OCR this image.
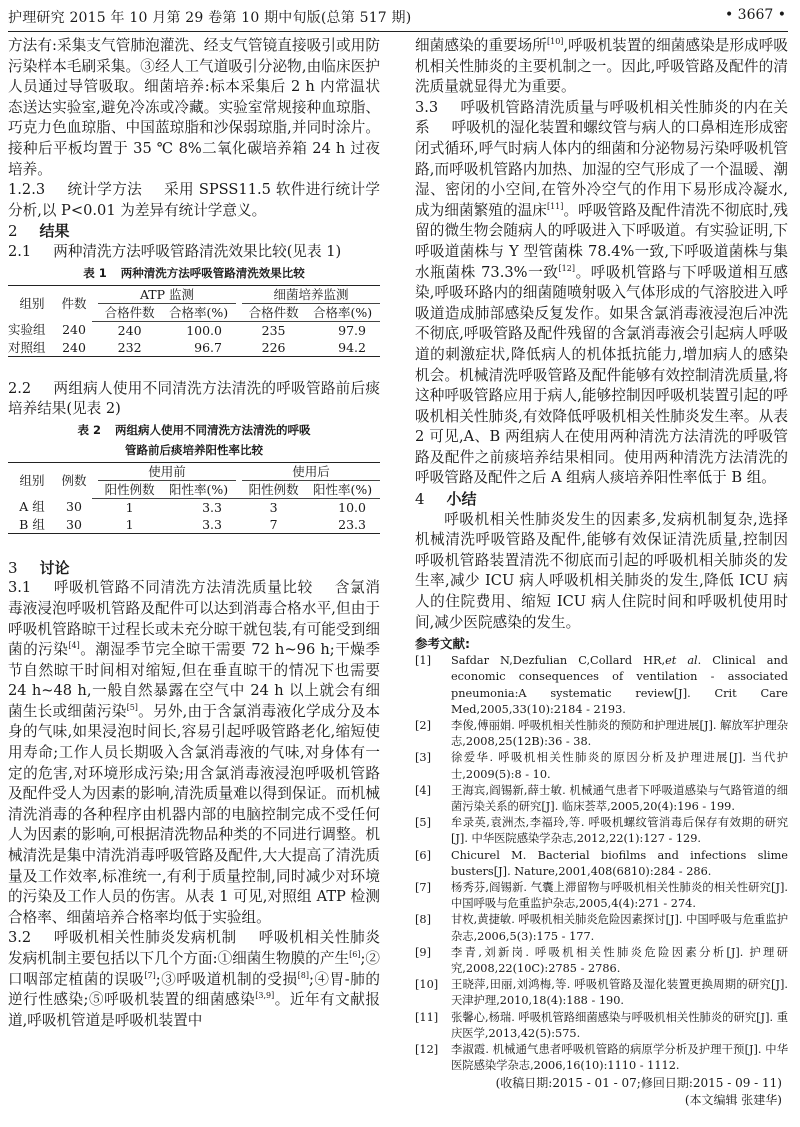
护理研究 2015 年 10 月第 29 卷第 10 期中旬版(总第 517 期)	• 3667 •

方法有:采集支气管肺泡灌洗、经支气管镜直接吸引或用防污染样本毛刷采集。③经人工气道吸引分泌物,由临床医护人员通过导管吸取。细菌培养:标本采集后 2 h 内常温状态送达实验室,避免冷冻或冷藏。实验室常规接种血琼脂、巧克力色血琼脂、中国蓝琼脂和沙保弱琼脂,并同时涂片。接种后平板均置于 35 ℃ 8%二氧化碳培养箱 24 h 过夜培养。

1.2.3 统计学方法 采用 SPSS11.5 软件进行统计学分析,以 P<0.01 为差异有统计学意义。

2 结果

2.1 两种清洗方法呼吸管路清洗效果比较(见表 1)

表 1 两种清洗方法呼吸管路清洗效果比较
组别	件数		ATP 监测			细菌培养监测	
			合格件数	合格率(%)		合格件数	合格率(%)
实验组	240		240	100.0		235	97.9
对照组	240		232	96.7		226	94.2

2.2 两组病人使用不同清洗方法清洗的呼吸管路前后痰培养结果(见表 2)

表 2 两组病人使用不同清洗方法清洗的呼吸
管路前后痰培养阳性率比较
组别	例数		使用前			使用后	
			阳性例数	阳性率(%)		阳性例数	阳性率(%)
A 组	30		1	3.3		3	10.0
B 组	30		1	3.3		7	23.3
3 讨论

3.1 呼吸机管路不同清洗方法清洗质量比较 含氯消毒液浸泡呼吸机管路及配件可以达到消毒合格水平,但由于呼吸机管路晾干过程长或未充分晾干就包装,有可能受到细菌的污染[4]。潮湿季节完全晾干需要 72 h~96 h;干燥季节自然晾干时间相对缩短,但在垂直晾干的情况下也需要 24 h~48 h,一般自然暴露在空气中 24 h 以上就会有细菌生长或细菌污染[5]。另外,由于含氯消毒液化学成分及本身的气味,如果浸泡时间长,容易引起呼吸管路老化,缩短使用寿命;工作人员长期吸入含氯消毒液的气味,对身体有一定的危害,对环境形成污染;用含氯消毒液浸泡呼吸机管路及配件受人为因素的影响,清洗质量难以得到保证。而机械清洗消毒的各种程序由机器内部的电脑控制完成不受任何人为因素的影响,可根据清洗物品种类的不同进行调整。机械清洗是集中清洗消毒呼吸管路及配件,大大提高了清洗质量及工作效率,标准统一,有利于质量控制,同时减少对环境的污染及工作人员的伤害。从表 1 可见,对照组 ATP 检测合格率、细菌培养合格率均低于实验组。

3.2 呼吸机相关性肺炎发病机制 呼吸机相关性肺炎发病机制主要包括以下几个方面:①细菌生物膜的产生[6];②口咽部定植菌的误吸[7];③呼吸道机制的受损[8];④胃-肺的逆行性感染;⑤呼吸机装置的细菌感染[3,9]。近年有文献报道,呼吸机管道是呼吸机装置中

细菌感染的重要场所[10],呼吸机装置的细菌感染是形成呼吸机相关性肺炎的主要机制之一。因此,呼吸管路及配件的清洗质量就显得尤为重要。

3.3 呼吸机管路清洗质量与呼吸机相关性肺炎的内在关系 呼吸机的湿化装置和螺纹管与病人的口鼻相连形成密闭式循环,呼气时病人体内的细菌和分泌物易污染呼吸机管路,而呼吸机管路内加热、加湿的空气形成了一个温暖、潮湿、密闭的小空间,在管外冷空气的作用下易形成冷凝水,成为细菌繁殖的温床[11]。呼吸管路及配件清洗不彻底时,残留的微生物会随病人的呼吸进入下呼吸道。有实验证明,下呼吸道菌株与 Y 型管菌株 78.4%一致,下呼吸道菌株与集水瓶菌株 73.3%一致[12]。呼吸机管路与下呼吸道相互感染,呼吸环路内的细菌随喷射吸入气体形成的气溶胶进入呼吸道造成肺部感染反复发作。如果含氯消毒液浸泡后冲洗不彻底,呼吸管路及配件残留的含氯消毒液会引起病人呼吸道的刺激症状,降低病人的机体抵抗能力,增加病人的感染机会。机械清洗呼吸管路及配件能够有效控制清洗质量,将这种呼吸管路应用于病人,能够控制因呼吸机装置引起的呼吸机相关性肺炎,有效降低呼吸机相关性肺炎发生率。从表 2 可见,A、B 两组病人在使用两种清洗方法清洗的呼吸管路及配件之前痰培养结果相同。使用两种清洗方法清洗的呼吸管路及配件之后 A 组病人痰培养阳性率低于 B 组。

4 小结

呼吸机相关性肺炎发生的因素多,发病机制复杂,选择机械清洗呼吸管路及配件,能够有效保证清洗质量,控制因呼吸机管路装置清洗不彻底而引起的呼吸机相关肺炎的发生率,减少 ICU 病人呼吸机相关肺炎的发生,降低 ICU 病人的住院费用、缩短 ICU 病人住院时间和呼吸机使用时间,减少医院感染的发生。

参考文献:
[1]	Safdar N,Dezfulian C,Collard HR,et al. Clinical and economic consequences of ventilation - associated pneumonia:A systematic review[J]. Crit Care Med,2005,33(10):2184 - 2193.
[2]	李俊,傅丽娟. 呼吸机相关性肺炎的预防和护理进展[J]. 解放军护理杂志,2008,25(12B):36 - 38.
[3]	徐爱华. 呼吸机相关性肺炎的原因分析及护理进展[J]. 当代护士,2009(5):8 - 10.
[4]	王海宾,阎锡新,薛士敏. 机械通气患者下呼吸道感染与气路管道的细菌污染关系的研究[J]. 临床荟萃,2005,20(4):196 - 199.
[5]	牟录英,袁洲杰,李福玲,等. 呼吸机螺纹管消毒后保存有效期的研究[J]. 中华医院感染学杂志,2012,22(1):127 - 129.
[6]	Chicurel M. Bacterial biofilms and infections slime busters[J]. Nature,2001,408(6810):284 - 286.
[7]	杨秀芬,阎锡新. 气囊上滞留物与呼吸机相关性肺炎的相关性研究[J]. 中国呼吸与危重监护杂志,2005,4(4):271 - 274.
[8]	甘枚,黄捷敏. 呼吸机相关肺炎危险因素探讨[J]. 中国呼吸与危重监护杂志,2006,5(3):175 - 177.
[9]	李青,刘新岗. 呼吸机相关性肺炎危险因素分析[J]. 护理研究,2008,22(10C):2785 - 2786.
[10]	王晓萍,田丽,刘鸿梅,等. 呼吸机管路及湿化装置更换周期的研究[J]. 天津护理,2010,18(4):188 - 190.
[11]	张馨心,杨瑞. 呼吸机管路细菌感染与呼吸机相关性肺炎的研究[J]. 重庆医学,2013,42(5):575.
[12]	李淑霞. 机械通气患者呼吸机管路的病原学分析及护理干预[J]. 中华医院感染学杂志,2006,16(10):1110 - 1112.
(收稿日期:2015 - 01 - 07;修回日期:2015 - 09 - 11)
(本文编辑 张建华)
